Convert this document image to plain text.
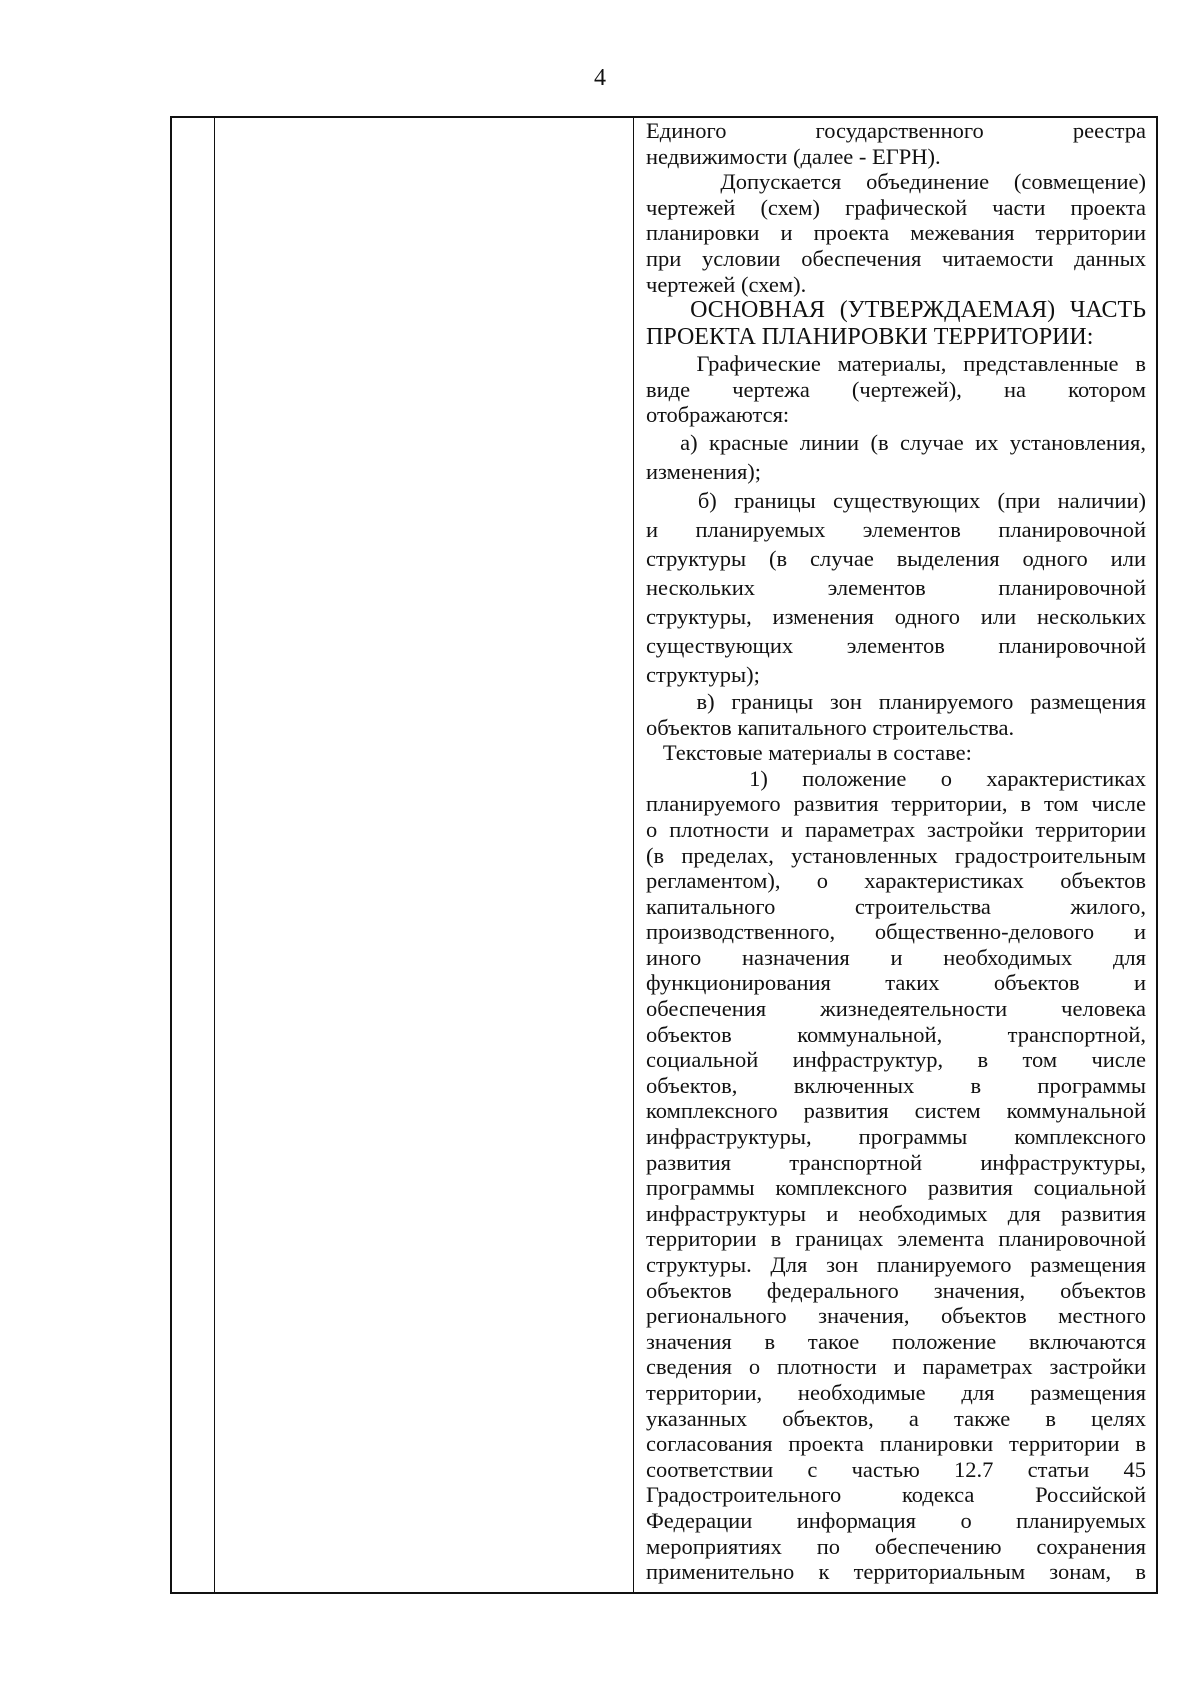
4
Единого государственного реестра
недвижимости (далее - ЕГРН).
Допускается объединение (совмещение)
чертежей (схем) графической части проекта
планировки и проекта межевания территории
при условии обеспечения читаемости данных
чертежей (схем).
ОСНОВНАЯ (УТВЕРЖДАЕМАЯ) ЧАСТЬ
ПРОЕКТА ПЛАНИРОВКИ ТЕРРИТОРИИ:
Графические материалы, представленные в
виде чертежа (чертежей), на котором
отображаются:
а) красные линии (в случае их установления,
изменения);
б) границы существующих (при наличии)
и планируемых элементов планировочной
структуры (в случае выделения одного или
нескольких элементов планировочной
структуры, изменения одного или нескольких
существующих элементов планировочной
структуры);
в) границы зон планируемого размещения
объектов капитального строительства.
Текстовые материалы в составе:
1) положение о характеристиках
планируемого развития территории, в том числе
о плотности и параметрах застройки территории
(в пределах, установленных градостроительным
регламентом), о характеристиках объектов
капитального строительства жилого,
производственного, общественно-делового и
иного назначения и необходимых для
функционирования таких объектов и
обеспечения жизнедеятельности человека
объектов коммунальной, транспортной,
социальной инфраструктур, в том числе
объектов, включенных в программы
комплексного развития систем коммунальной
инфраструктуры, программы комплексного
развития транспортной инфраструктуры,
программы комплексного развития социальной
инфраструктуры и необходимых для развития
территории в границах элемента планировочной
структуры. Для зон планируемого размещения
объектов федерального значения, объектов
регионального значения, объектов местного
значения в такое положение включаются
сведения о плотности и параметрах застройки
территории, необходимые для размещения
указанных объектов, а также в целях
согласования проекта планировки территории в
соответствии с частью 12.7 статьи 45
Градостроительного кодекса Российской
Федерации информация о планируемых
мероприятиях по обеспечению сохранения
применительно к территориальным зонам, в
